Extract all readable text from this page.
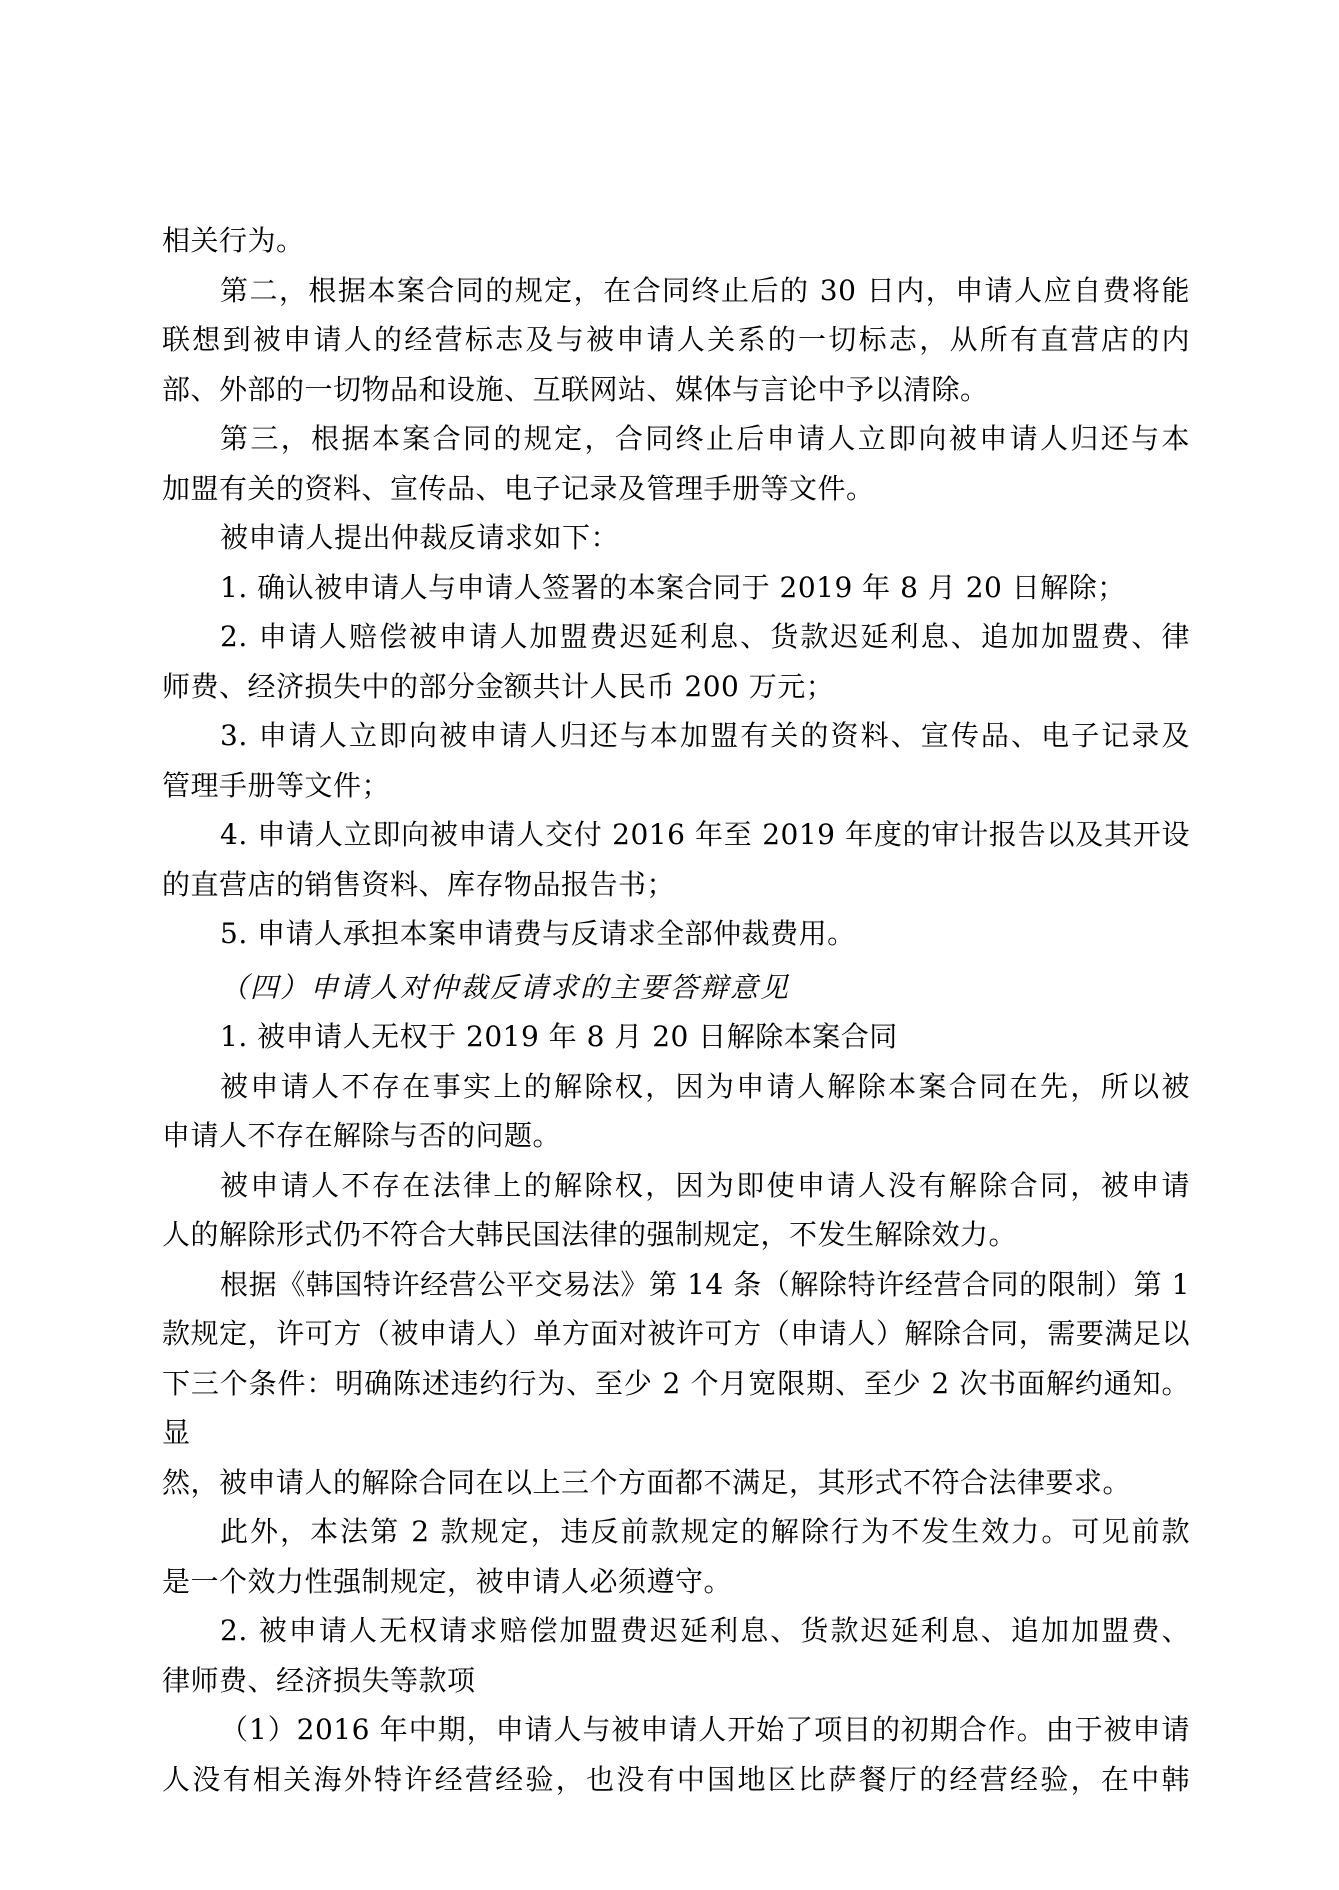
相关行为。
第二，根据本案合同的规定，在合同终止后的 30 日内，申请人应自费将能
联想到被申请人的经营标志及与被申请人关系的一切标志，从所有直营店的内
部、外部的一切物品和设施、互联网站、媒体与言论中予以清除。
第三，根据本案合同的规定，合同终止后申请人立即向被申请人归还与本
加盟有关的资料、宣传品、电子记录及管理手册等文件。
被申请人提出仲裁反请求如下：
1. 确认被申请人与申请人签署的本案合同于 2019 年 8 月 20 日解除；
2. 申请人赔偿被申请人加盟费迟延利息、货款迟延利息、追加加盟费、律
师费、经济损失中的部分金额共计人民币 200 万元；
3. 申请人立即向被申请人归还与本加盟有关的资料、宣传品、电子记录及
管理手册等文件；
4. 申请人立即向被申请人交付 2016 年至 2019 年度的审计报告以及其开设
的直营店的销售资料、库存物品报告书；
5. 申请人承担本案申请费与反请求全部仲裁费用。
（四）申请人对仲裁反请求的主要答辩意见
1. 被申请人无权于 2019 年 8 月 20 日解除本案合同
被申请人不存在事实上的解除权，因为申请人解除本案合同在先，所以被
申请人不存在解除与否的问题。
被申请人不存在法律上的解除权，因为即使申请人没有解除合同，被申请
人的解除形式仍不符合大韩民国法律的强制规定，不发生解除效力。
根据《韩国特许经营公平交易法》第 14 条（解除特许经营合同的限制）第 1
款规定，许可方（被申请人）单方面对被许可方（申请人）解除合同，需要满足以
下三个条件：明确陈述违约行为、至少 2 个月宽限期、至少 2 次书面解约通知。显
然，被申请人的解除合同在以上三个方面都不满足，其形式不符合法律要求。
此外，本法第 2 款规定，违反前款规定的解除行为不发生效力。可见前款
是一个效力性强制规定，被申请人必须遵守。
2. 被申请人无权请求赔偿加盟费迟延利息、货款迟延利息、追加加盟费、
律师费、经济损失等款项
（1）2016 年中期，申请人与被申请人开始了项目的初期合作。由于被申请
人没有相关海外特许经营经验，也没有中国地区比萨餐厅的经营经验，在中韩
